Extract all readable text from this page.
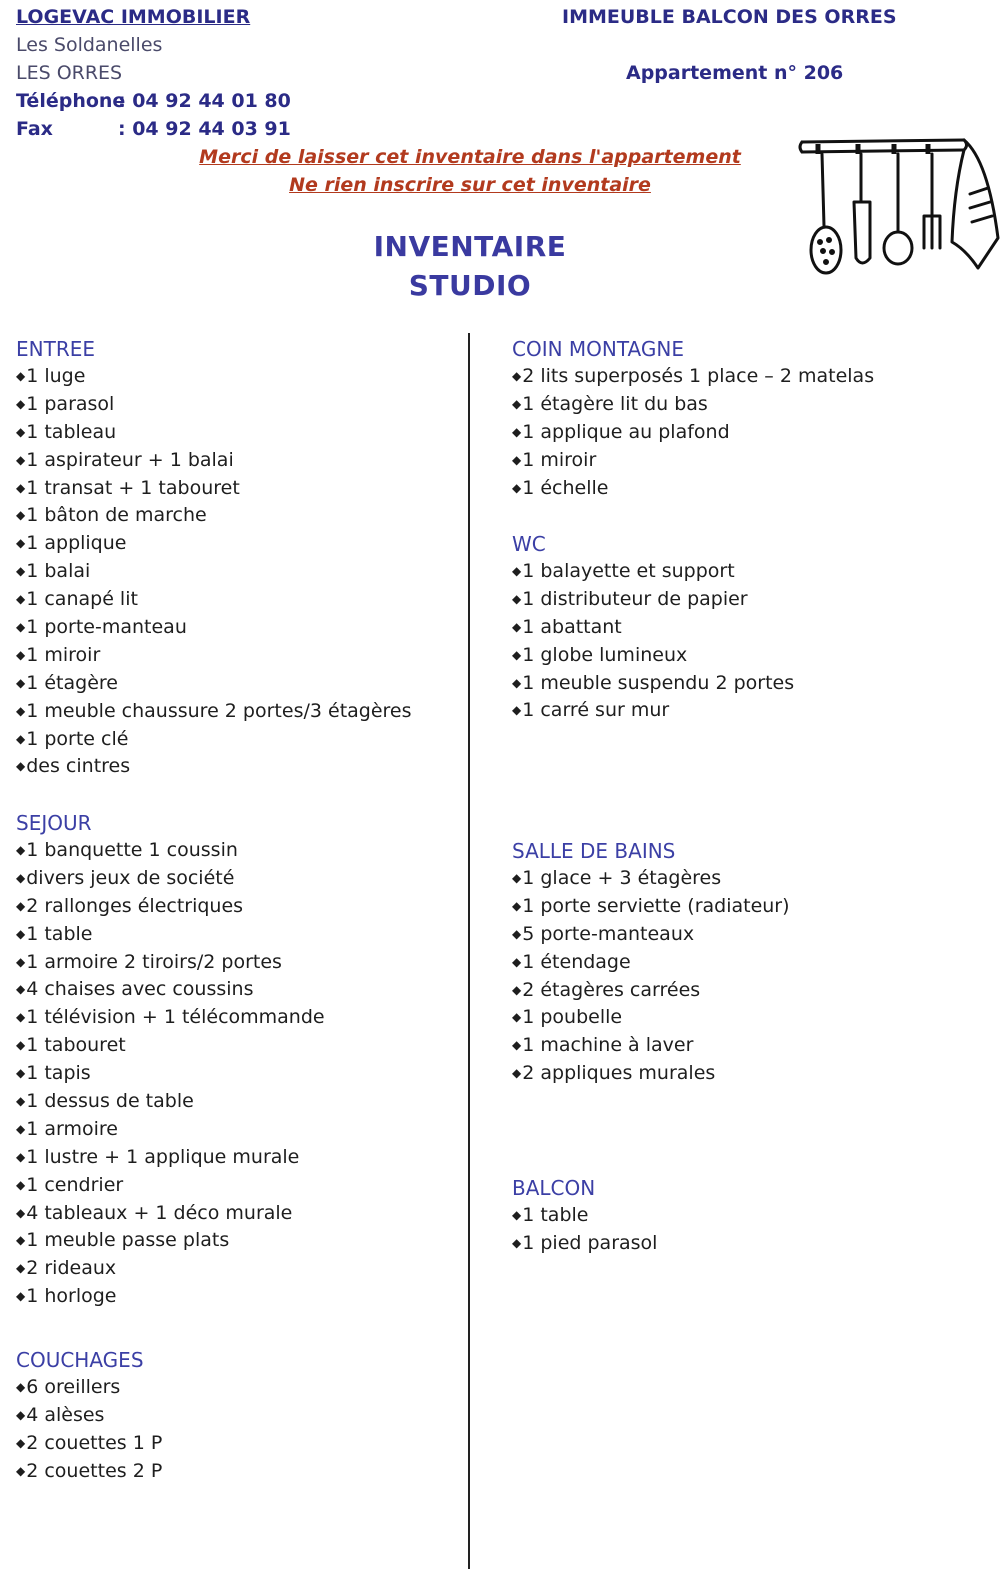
LOGEVAC IMMOBILIER
Les Soldanelles
LES ORRES
Téléphone
: 04 92 44 01 80
Fax	: 04 92 44 03 91
IMMEUBLE BALCON DES ORRES
Appartement n° 206
Merci de laisser cet inventaire dans l'appartement
Ne rien inscrire sur cet inventaire
INVENTAIRE
STUDIO
ENTREE
◆1 luge
◆1 parasol
◆1 tableau
◆1 aspirateur + 1 balai
◆1 transat + 1 tabouret
◆1 bâton de marche
◆1 applique
◆1 balai
◆1 canapé lit
◆1 porte-manteau
◆1 miroir
◆1 étagère
◆1 meuble chaussure 2 portes/3 étagères
◆1 porte clé
◆des cintres
SEJOUR
◆1 banquette 1 coussin
◆divers jeux de société
◆2 rallonges électriques
◆1 table
◆1 armoire 2 tiroirs/2 portes
◆4 chaises avec coussins
◆1 télévision + 1 télécommande
◆1 tabouret
◆1 tapis
◆1 dessus de table
◆1 armoire
◆1 lustre + 1 applique murale
◆1 cendrier
◆4 tableaux + 1 déco murale
◆1 meuble passe plats
◆2 rideaux
◆1 horloge
COUCHAGES
◆6 oreillers
◆4 alèses
◆2 couettes 1 P
◆2 couettes 2 P
COIN MONTAGNE
◆2 lits superposés 1 place – 2 matelas
◆1 étagère lit du bas
◆1 applique au plafond
◆1 miroir
◆1 échelle
WC
◆1 balayette et support
◆1 distributeur de papier
◆1 abattant
◆1 globe lumineux
◆1 meuble suspendu 2 portes
◆1 carré sur mur
SALLE DE BAINS
◆1 glace + 3 étagères
◆1 porte serviette (radiateur)
◆5 porte-manteaux
◆1 étendage
◆2 étagères carrées
◆1 poubelle
◆1 machine à laver
◆2 appliques murales
BALCON
◆1 table
◆1 pied parasol
